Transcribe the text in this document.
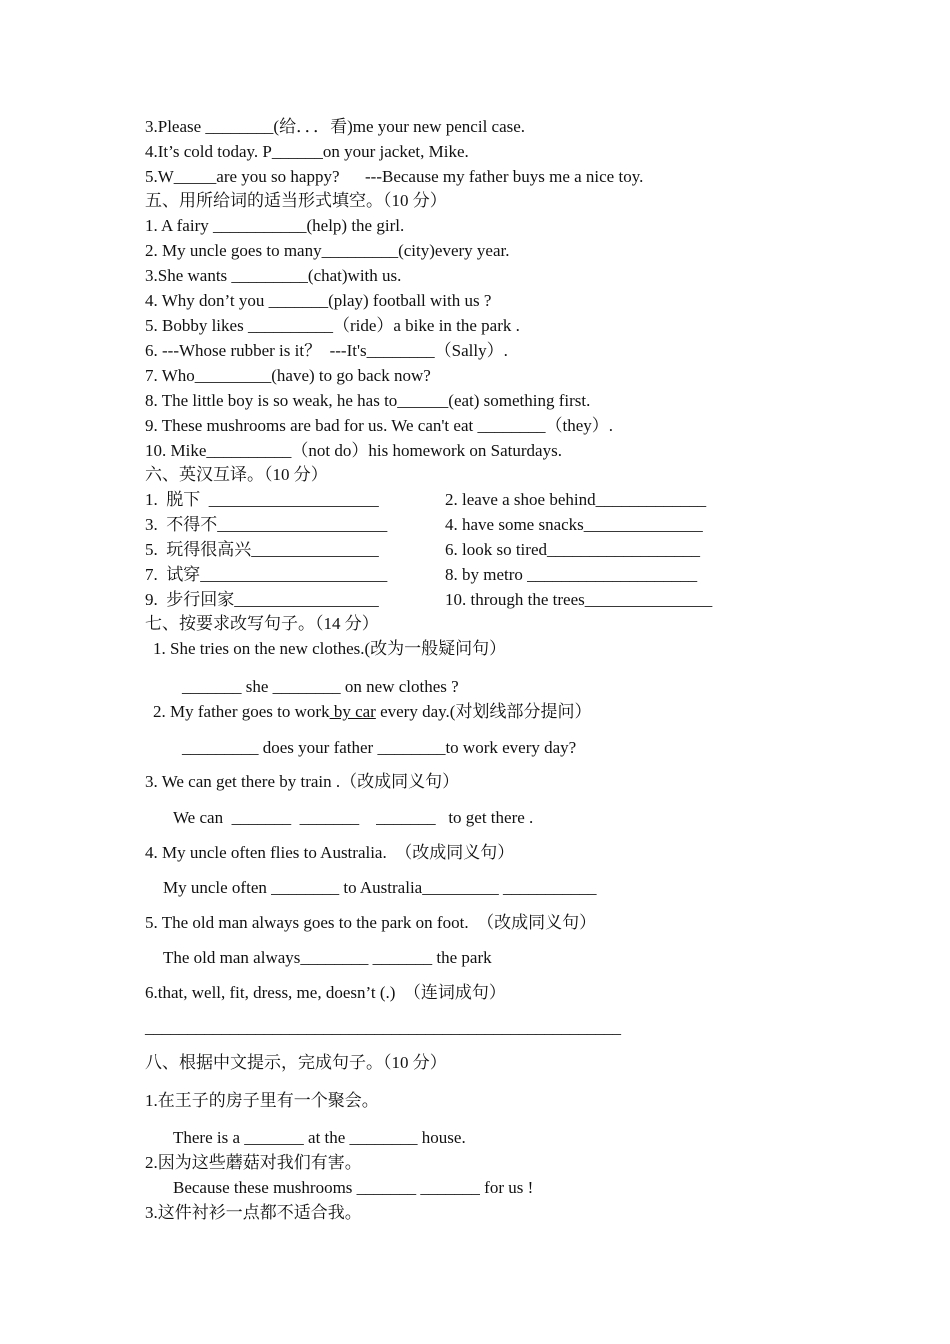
3.Please ________(给．．．看)me your new pencil case.
4.It’s cold today. P______on your jacket, Mike.
5.W_____are you so happy?      ---Because my father buys me a nice toy.
五、用所给词的适当形式填空。（10 分）
1. A fairy ___________(help) the girl.
2. My uncle goes to many_________(city)every year.
3.She wants _________(chat)with us.
4. Why don’t you _______(play) football with us ?
5. Bobby likes __________（ride）a bike in the park .
6. ---Whose rubber is it？  ---It's________（Sally）.
7. Who_________(have) to go back now?
8. The little boy is so weak, he has to______(eat) something first.
9. These mushrooms are bad for us. We can't eat ________（they）.
10. Mike__________（not do）his homework on Saturdays.
六、英汉互译。（10 分）
1.  脱下  ____________________	2. leave a shoe behind_____________
3.  不得不____________________	4. have some snacks______________
5.  玩得很高兴_______________	6. look so tired__________________
7.  试穿______________________	8. by metro ____________________
9.  步行回家_________________	10. through the trees_______________
七、按要求改写句子。（14 分）
1. She tries on the new clothes.(改为一般疑问句）
_______ she ________ on new clothes ?
2. My father goes to work by car every day.(对划线部分提问）
_________ does your father ________to work every day?
3. We can get there by train .（改成同义句）
We can  _______  _______    _______   to get there .
4. My uncle often flies to Australia.  （改成同义句）
My uncle often ________ to Australia_________ ___________
5. The old man always goes to the park on foot.  （改成同义句）
The old man always________ _______ the park
6.that, well, fit, dress, me, doesn’t (.)  （连词成句）
________________________________________________________
八、根据中文提示，完成句子。（10 分）
1.在王子的房子里有一个聚会。
There is a _______ at the ________ house.
2.因为这些蘑菇对我们有害。
Because these mushrooms _______ _______ for us !
3.这件衬衫一点都不适合我。
